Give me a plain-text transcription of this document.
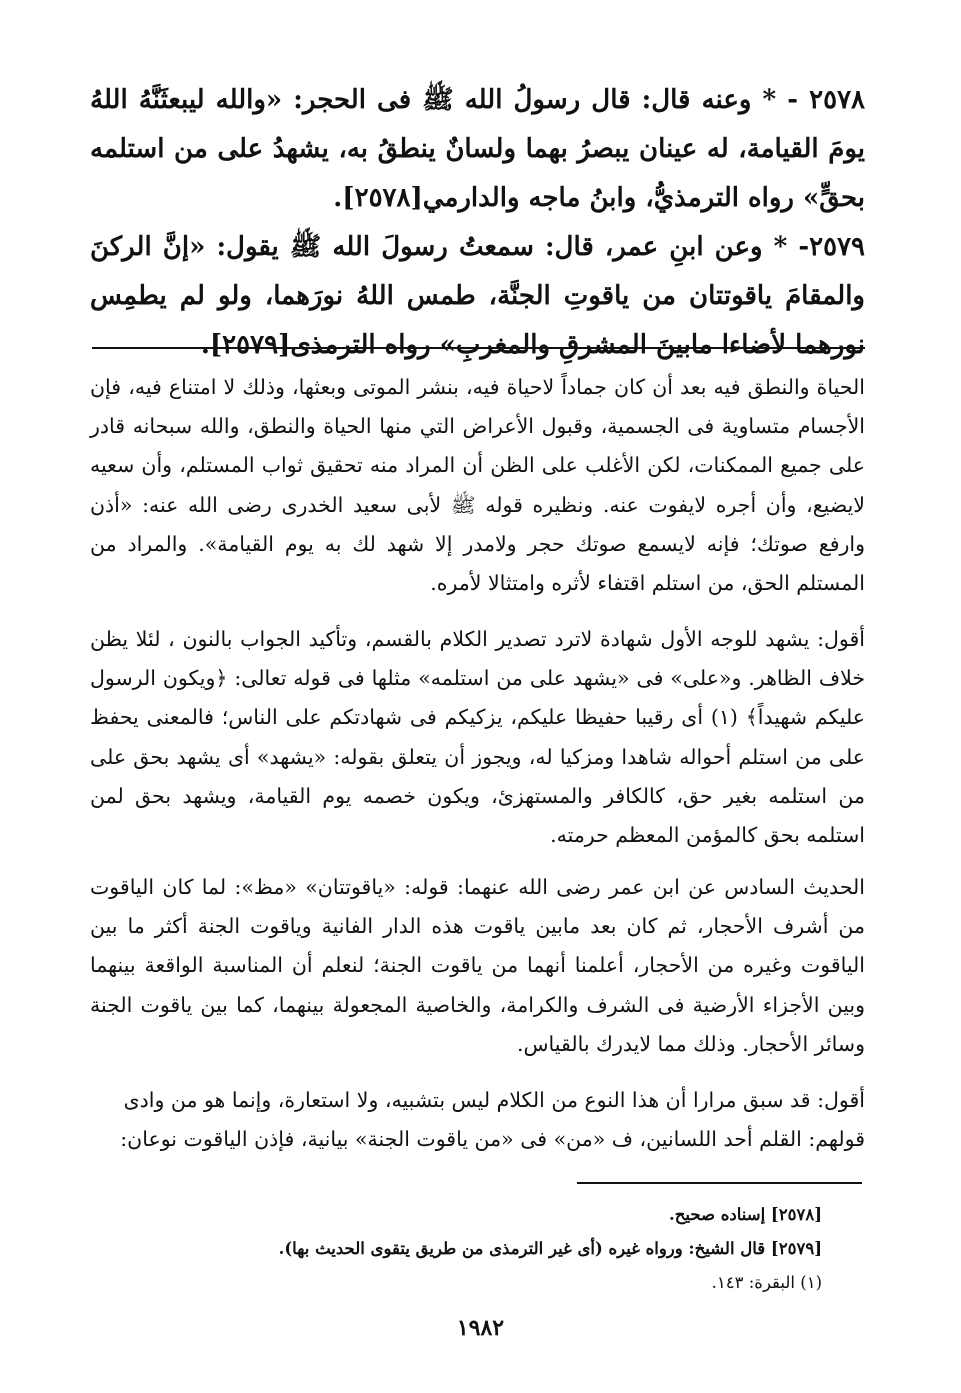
٢٥٧٨ - * وعنه قال: قال رسولُ الله ﷺ فى الحجر: «والله ليبعثَنَّهُ اللهُ يومَ القيامة، له عينان يبصرُ بهما ولسانٌ ينطقُ به، يشهدُ على من استلمه بحقٍّ» رواه الترمذيُّ، وابنُ ماجه والدارمي[٢٥٧٨].

٢٥٧٩- * وعن ابنِ عمر، قال: سمعتُ رسولَ الله ﷺ يقول: «إنَّ الركنَ والمقامَ ياقوتتان من ياقوتِ الجنَّة، طمس اللهُ نورَهما، ولو لم يطمِس نورهما لأضاءا مابينَ المشرقِ والمغربِ» رواه الترمذى[٢٥٧٩].

الحياة والنطق فيه بعد أن كان جماداً لاحياة فيه، بنشر الموتى وبعثها، وذلك لا امتناع فيه، فإن الأجسام متساوية فى الجسمية، وقبول الأعراض التي منها الحياة والنطق، والله سبحانه قادر على جميع الممكنات، لكن الأغلب على الظن أن المراد منه تحقيق ثواب المستلم، وأن سعيه لايضيع، وأن أجره لايفوت عنه. ونظيره قوله ﷺ لأبى سعيد الخدرى رضى الله عنه: «أذن وارفع صوتك؛ فإنه لايسمع صوتك حجر ولامدر إلا شهد لك به يوم القيامة». والمراد من المستلم الحق، من استلم اقتفاء لأثره وامتثالا لأمره.

أقول: يشهد للوجه الأول شهادة لاترد تصدير الكلام بالقسم، وتأكيد الجواب بالنون ، لئلا يظن خلاف الظاهر. و«على» فى «يشهد على من استلمه» مثلها فى قوله تعالى: ﴿ويكون الرسول عليكم شهيداً﴾ (١) أى رقيبا حفيظا عليكم، يزكيكم فى شهادتكم على الناس؛ فالمعنى يحفظ على من استلم أحواله شاهدا ومزكيا له، ويجوز أن يتعلق بقوله: «يشهد» أى يشهد بحق على من استلمه بغير حق، كالكافر والمستهزئ، ويكون خصمه يوم القيامة، ويشهد بحق لمن استلمه بحق كالمؤمن المعظم حرمته.

الحديث السادس عن ابن عمر رضى الله عنهما: قوله: «ياقوتتان» «مظ»: لما كان الياقوت من أشرف الأحجار، ثم كان بعد مابين ياقوت هذه الدار الفانية وياقوت الجنة أكثر ما بين الياقوت وغيره من الأحجار، أعلمنا أنهما من ياقوت الجنة؛ لنعلم أن المناسبة الواقعة بينهما وبين الأجزاء الأرضية فى الشرف والكرامة، والخاصية المجعولة بينهما، كما بين ياقوت الجنة وسائر الأحجار. وذلك مما لايدرك بالقياس.

أقول: قد سبق مرارا أن هذا النوع من الكلام ليس بتشبيه، ولا استعارة، وإنما هو من وادى
قولهم: القلم أحد اللسانين، ف «من» فى «من ياقوت الجنة» بيانية، فإذن الياقوت نوعان:
[٢٥٧٨] إسناده صحيح.
[٢٥٧٩] قال الشيخ: ورواه غيره (أى غير الترمذى من طريق يتقوى الحديث بها).
(١) البقرة: ١٤٣.
١٩٨٢
